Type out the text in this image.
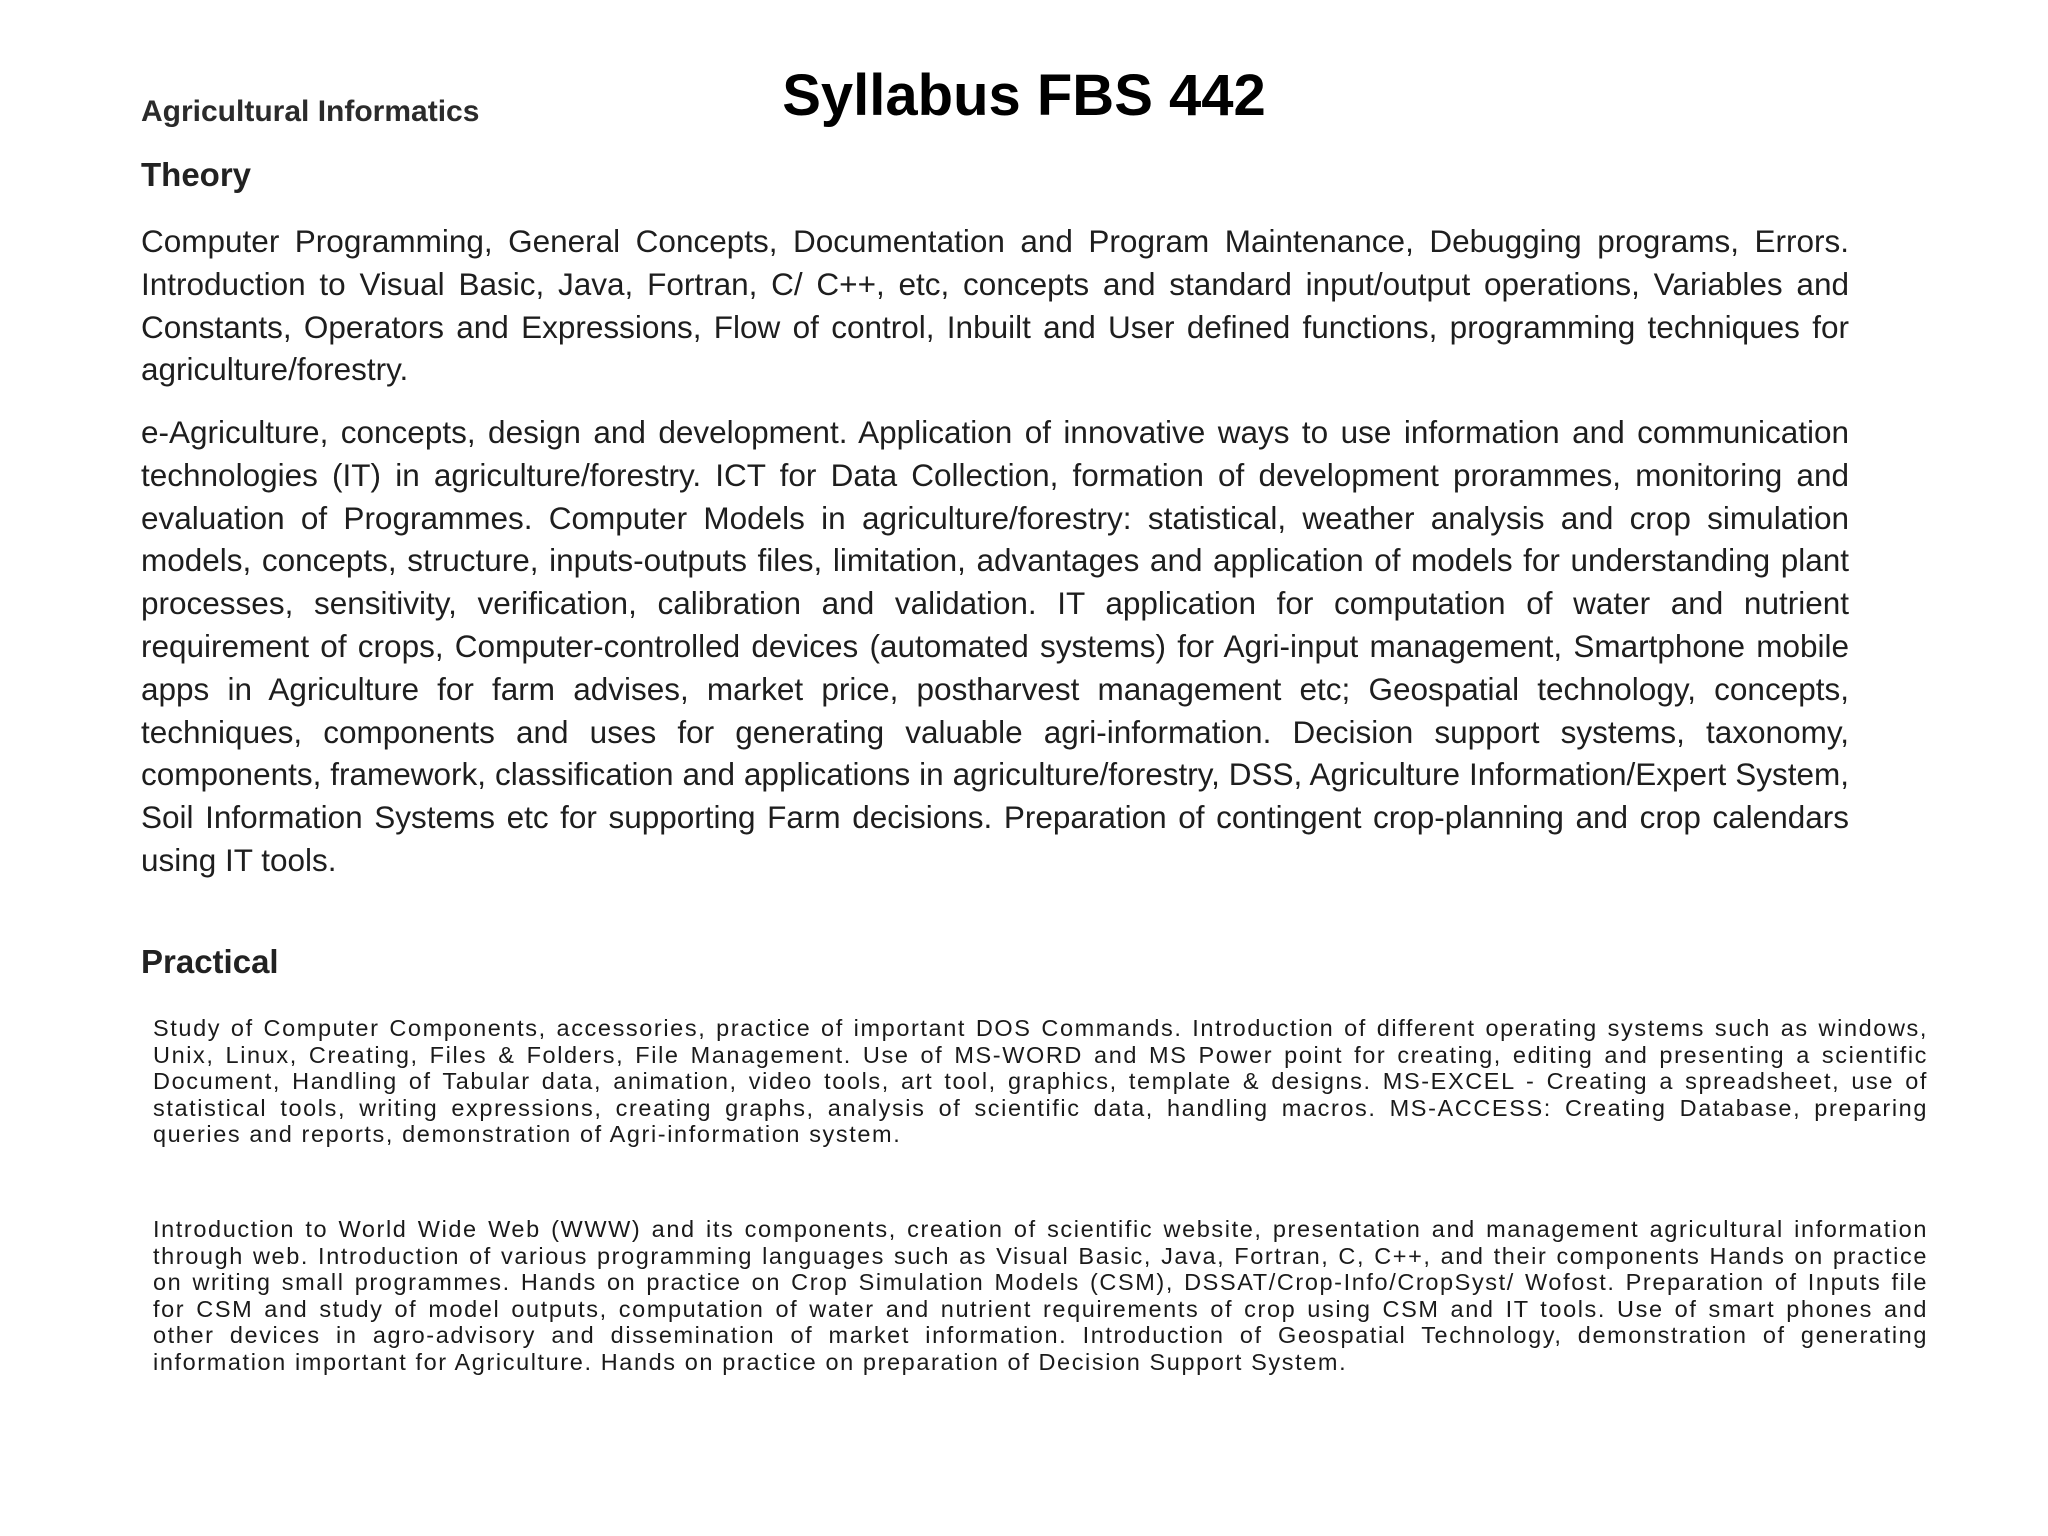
Syllabus FBS 442
Agricultural Informatics
Theory

Computer Programming, General Concepts, Documentation and Program Maintenance, Debugging programs, Errors. Introduction to Visual Basic, Java, Fortran, C/ C++, etc, concepts and standard input/output operations, Variables and Constants, Operators and Expressions, Flow of control, Inbuilt and User defined functions, programming techniques for agriculture/forestry.

e-Agriculture, concepts, design and development. Application of innovative ways to use information and communication technologies (IT) in agriculture/forestry. ICT for Data Collection, formation of development prorammes, monitoring and evaluation of Programmes. Computer Models in agriculture/forestry: statistical, weather analysis and crop simulation models, concepts, structure, inputs-outputs files, limitation, advantages and application of models for understanding plant processes, sensitivity, verification, calibration and validation. IT application for computation of water and nutrient requirement of crops, Computer-controlled devices (automated systems) for Agri-input management, Smartphone mobile apps in Agriculture for farm advises, market price, postharvest management etc; Geospatial technology, concepts, techniques, components and uses for generating valuable agri-information. Decision support systems, taxonomy, components, framework, classification and applications in agriculture/forestry, DSS, Agriculture Information/Expert System, Soil Information Systems etc for supporting Farm decisions. Preparation of contingent crop-planning and crop calendars using IT tools.

Practical

Study of Computer Components, accessories, practice of important DOS Commands. Introduction of different operating systems such as windows, Unix, Linux, Creating, Files & Folders, File Management. Use of MS-WORD and MS Power point for creating, editing and presenting a scientific Document, Handling of Tabular data, animation, video tools, art tool, graphics, template & designs. MS-EXCEL - Creating a spreadsheet, use of statistical tools, writing expressions, creating graphs, analysis of scientific data, handling macros. MS-ACCESS: Creating Database, preparing queries and reports, demonstration of Agri-information system.

Introduction to World Wide Web (WWW) and its components, creation of scientific website, presentation and management agricultural information through web. Introduction of various programming languages such as Visual Basic, Java, Fortran, C, C++, and their components Hands on practice on writing small programmes. Hands on practice on Crop Simulation Models (CSM), DSSAT/Crop-Info/CropSyst/ Wofost. Preparation of Inputs file for CSM and study of model outputs, computation of water and nutrient requirements of crop using CSM and IT tools. Use of smart phones and other devices in agro-advisory and dissemination of market information. Introduction of Geospatial Technology, demonstration of generating information important for Agriculture. Hands on practice on preparation of Decision Support System.
